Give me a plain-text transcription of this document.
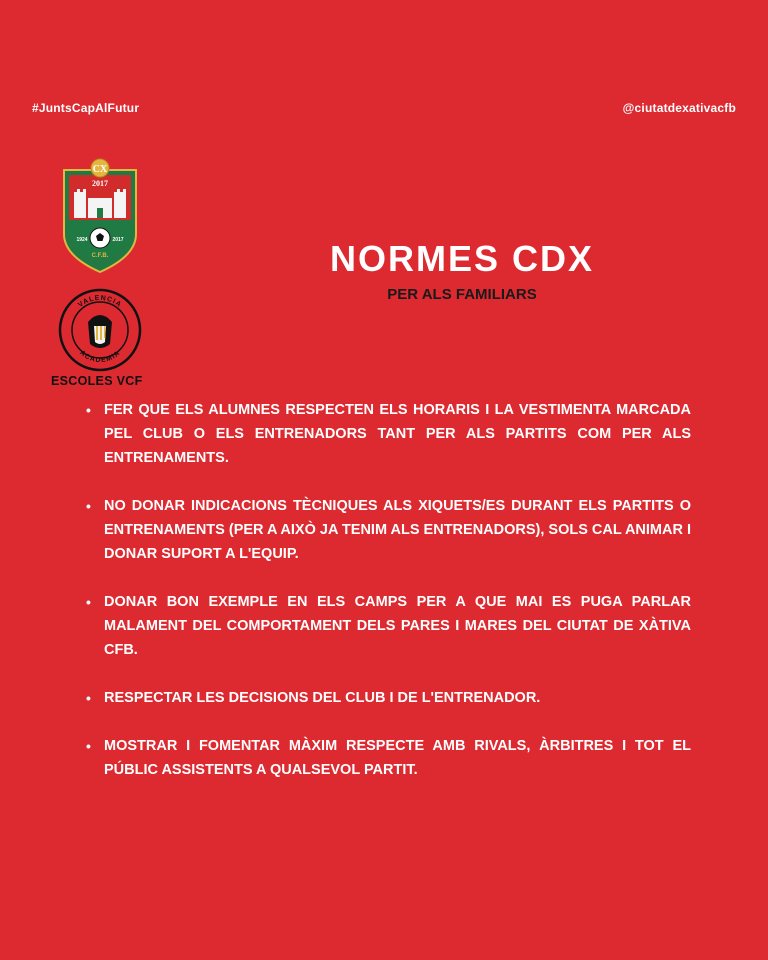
#JuntsCapAlFutur	@ciutatdexativacfb
CX
2017
1924	2017
C.F.B.
VALENCIA
ACADEMIA
ESCOLES VCF
NORMES CDX
PER ALS FAMILIARS
• FER QUE ELS ALUMNES RESPECTEN ELS HORARIS I LA VESTIMENTA MARCADA PEL CLUB O ELS ENTRENADORS TANT PER ALS PARTITS COM PER ALS ENTRENAMENTS.
• NO DONAR INDICACIONS TÈCNIQUES ALS XIQUETS/ES DURANT ELS PARTITS O ENTRENAMENTS (PER A AIXÒ JA TENIM ALS ENTRENADORS), SOLS CAL ANIMAR I DONAR SUPORT A L'EQUIP.
• DONAR BON EXEMPLE EN ELS CAMPS PER A QUE MAI ES PUGA PARLAR MALAMENT DEL COMPORTAMENT DELS PARES I MARES DEL CIUTAT DE XÀTIVA CFB.
• RESPECTAR LES DECISIONS DEL CLUB I DE L'ENTRENADOR.
• MOSTRAR I FOMENTAR MÀXIM RESPECTE AMB RIVALS, ÀRBITRES I TOT EL PÚBLIC ASSISTENTS A QUALSEVOL PARTIT.
